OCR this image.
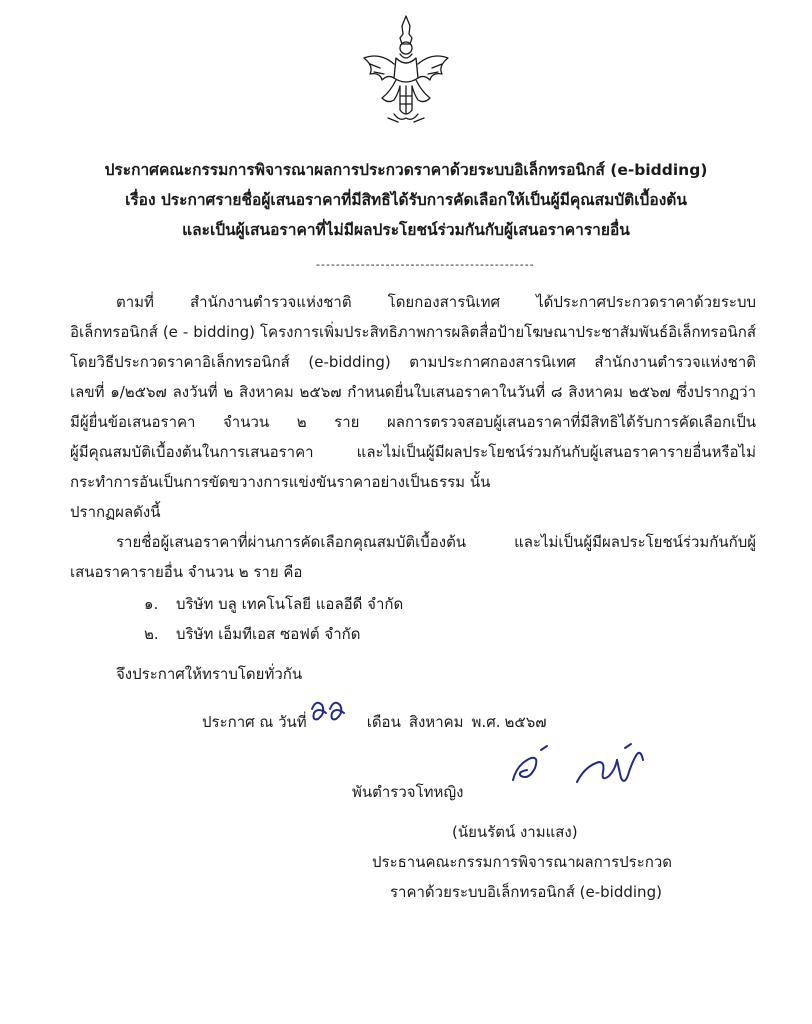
ประกาศคณะกรรมการพิจารณาผลการประกวดราคาด้วยระบบอิเล็กทรอนิกส์ (e-bidding)
เรื่อง ประกาศรายชื่อผู้เสนอราคาที่มีสิทธิได้รับการคัดเลือกให้เป็นผู้มีคุณสมบัติเบื้องต้น
และเป็นผู้เสนอราคาที่ไม่มีผลประโยชน์ร่วมกันกับผู้เสนอราคารายอื่น
--------------------------------------------
ตามที่ สำนักงานตำรวจแห่งชาติ โดยกองสารนิเทศ ได้ประกาศประกวดราคาด้วยระบบ
อิเล็กทรอนิกส์ (e - bidding) โครงการเพิ่มประสิทธิภาพการผลิตสื่อป้ายโฆษณาประชาสัมพันธ์อิเล็กทรอนิกส์
โดยวิธีประกวดราคาอิเล็กทรอนิกส์ (e-bidding) ตามประกาศกองสารนิเทศ สำนักงานตำรวจแห่งชาติ
เลขที่ ๑/๒๕๖๗ ลงวันที่ ๒ สิงหาคม ๒๕๖๗ กำหนดยื่นใบเสนอราคาในวันที่ ๘ สิงหาคม ๒๕๖๗ ซึ่งปรากฏว่า
มีผู้ยื่นข้อเสนอราคา จำนวน ๒ ราย ผลการตรวจสอบผู้เสนอราคาที่มีสิทธิได้รับการคัดเลือกเป็น
ผู้มีคุณสมบัติเบื้องต้นในการเสนอราคา และไม่เป็นผู้มีผลประโยชน์ร่วมกันกับผู้เสนอราคารายอื่นหรือไม่
กระทำการอันเป็นการขัดขวางการแข่งขันราคาอย่างเป็นธรรม นั้น
ปรากฏผลดังนี้
รายชื่อผู้เสนอราคาที่ผ่านการคัดเลือกคุณสมบัติเบื้องต้น และไม่เป็นผู้มีผลประโยชน์ร่วมกันกับผู้
เสนอราคารายอื่น จำนวน ๒ ราย คือ
๑. บริษัท บลู เทคโนโลยี แอลอีดี จำกัด
๒. บริษัท เอ็มทีเอส ซอฟต์ จำกัด
จึงประกาศให้ทราบโดยทั่วกัน
ประกาศ ณ วันที่	เดือน สิงหาคม พ.ศ. ๒๕๖๗
พันตำรวจโทหญิง
(นัยนรัตน์ งามแสง)
ประธานคณะกรรมการพิจารณาผลการประกวด
ราคาด้วยระบบอิเล็กทรอนิกส์ (e-bidding)
